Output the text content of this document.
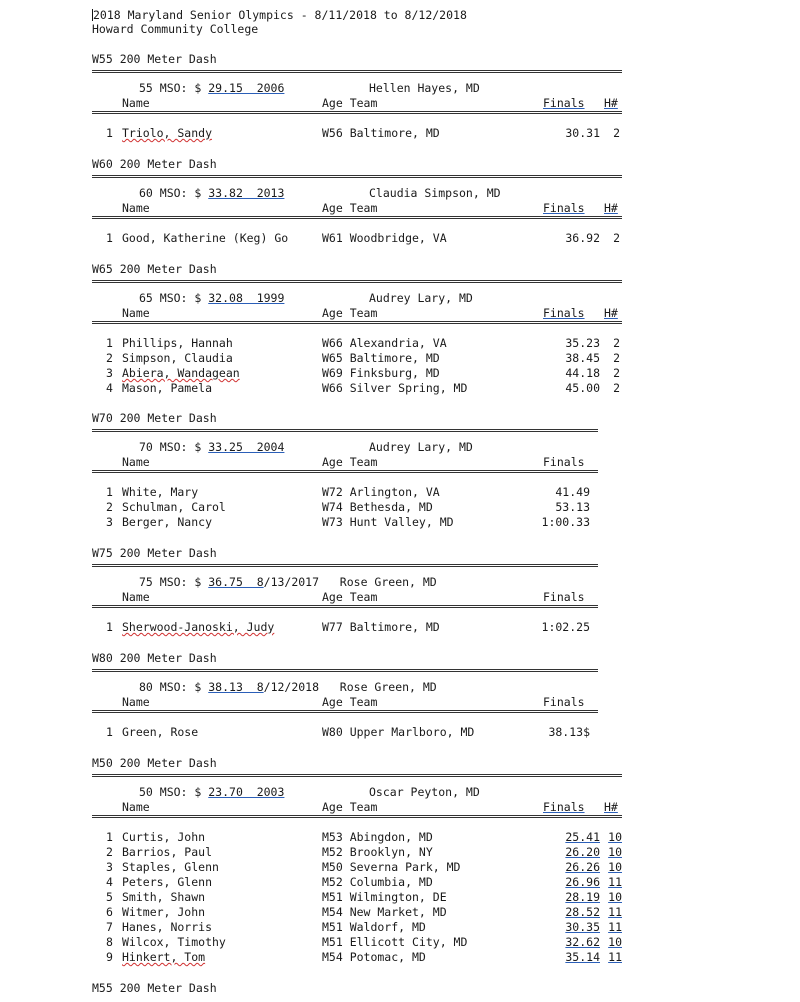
2018 Maryland Senior Olympics - 8/11/2018 to 8/12/2018
Howard Community College
W55 200 Meter Dash
55 MSO: $ 29.15  2006	Hellen Hayes, MD
Name	Age Team	Finals H#
1 Triolo, Sandy	W56 Baltimore, MD	30.31 2
W60 200 Meter Dash
60 MSO: $ 33.82  2013	Claudia Simpson, MD
Name	Age Team	Finals H#
1 Good, Katherine (Keg) Go	W61 Woodbridge, VA	36.92 2
W65 200 Meter Dash
65 MSO: $ 32.08  1999	Audrey Lary, MD
Name	Age Team	Finals H#
1 Phillips, Hannah	W66 Alexandria, VA	35.23 2
2 Simpson, Claudia	W65 Baltimore, MD	38.45 2
3 Abiera, Wandagean	W69 Finksburg, MD	44.18 2
4 Mason, Pamela	W66 Silver Spring, MD	45.00 2
W70 200 Meter Dash
70 MSO: $ 33.25  2004	Audrey Lary, MD
Name	Age Team	Finals
1 White, Mary	W72 Arlington, VA	41.49
2 Schulman, Carol	W74 Bethesda, MD	53.13
3 Berger, Nancy	W73 Hunt Valley, MD	1:00.33
W75 200 Meter Dash
75 MSO: $ 36.75  8/13/2017   Rose Green, MD
Name	Age Team	Finals
1 Sherwood-Janoski, Judy	W77 Baltimore, MD	1:02.25
W80 200 Meter Dash
80 MSO: $ 38.13  8/12/2018   Rose Green, MD
Name	Age Team	Finals
1 Green, Rose	W80 Upper Marlboro, MD	38.13$
M50 200 Meter Dash
50 MSO: $ 23.70  2003	Oscar Peyton, MD
Name	Age Team	Finals H#
1 Curtis, John	M53 Abingdon, MD	25.41 10
2 Barrios, Paul	M52 Brooklyn, NY	26.20 10
3 Staples, Glenn	M50 Severna Park, MD	26.26 10
4 Peters, Glenn	M52 Columbia, MD	26.96 11
5 Smith, Shawn	M51 Wilmington, DE	28.19 10
6 Witmer, John	M54 New Market, MD	28.52 11
7 Hanes, Norris	M51 Waldorf, MD	30.35 11
8 Wilcox, Timothy	M51 Ellicott City, MD	32.62 10
9 Hinkert, Tom	M54 Potomac, MD	35.14 11
M55 200 Meter Dash
